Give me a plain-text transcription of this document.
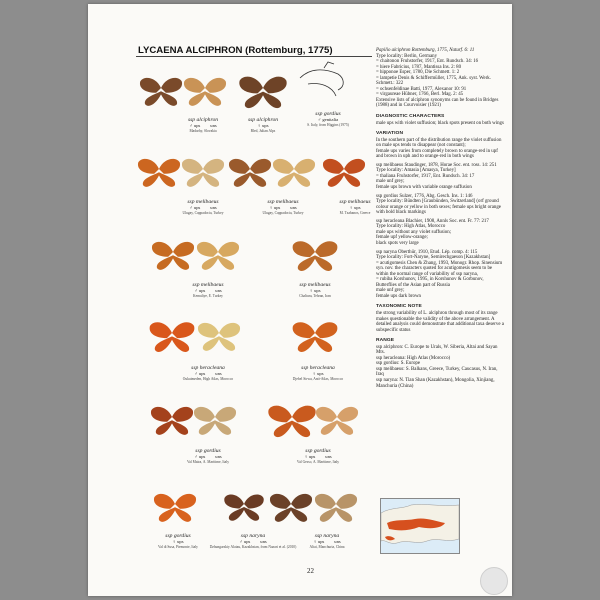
LYCAENA ALCIPHRON (Rottemburg, 1775)
ssp alciphron
♂ ups uns
Madarhy, Slovakia
ssp alciphron
♀ ups
Bled, Julian Alps
ssp gordius
♂ genitalia
S. Italy, from Higgins (1975)
ssp melibaeus
♂ ups uns
Ulugay, Cappadocia, Turkey
ssp melibaeus
♀ ups uns
Ulugay, Cappadocia, Turkey
ssp melibaeus
♀ ups
M. Tzabanos, Greece
ssp melibaeus
♂ ups uns
Kemaliye, E. Turkey
ssp melibaeus
♀ ups
Chaltura, Tehran, Iran
ssp heracleana
♂ ups uns
Oukaimeden, High Atlas, Morocco
ssp heracleana
♀ ups
Djebel Sirwa, Anti-Atlas, Morocco
ssp gordius
♂ ups uns
Val Maira, A. Maritime, Italy
ssp gordius
♀ ups uns
Val Gesso, A. Maritime, Italy
ssp gordius
♀ ups
Val di Susa, Piemonte, Italy
ssp naryna
♂ ups uns
Dzhungarskiy Alatau, Kazakhstan, from Nazari et al. (2010)
ssp naryna
♀ ups uns
Altai, Manchuria, China

Papilio alciphron Rottemburg, 1775, Naturf. 6: 11
Type locality: Berlin, Germany
= chaitonon Fruhstorfer, 1917, Ent. Rundsch. 34: 16
= hiere Fabricius, 1787, Mantissa Ins. 2: 80
= hipponoe Esper, 1780, Die Schmett. 1: 2
= lampetie Denis & Schiffermüller, 1775, Ank. syst. Werk. Schmett.: 322
= ochsenfeldinae Batti, 1977, Alexanor 10: 91
= virgaureae Hübner, 1766, Berl. Mag. 2: 45
Extensive lists of alciphron synonyms can be found in Bridges (1988) and in Courvoisier (1921)

DIAGNOSTIC CHARACTERS

male ups with violet suffusion; black spots present on both wings

VARIATION

In the southern part of the distribution range the violet suffusion on male ups tends to disappear (not constant);
female ups varies from completely brown to orange-red in upf and brown in uph and to orange-red in both wings

ssp melibaeus Staudinger, 1878, Horae Soc. ent. ross. 14: 251
Type locality: Amasia [Amasya, Turkey]
= thaliana Fruhstorfer, 1917, Ent. Rundsch. 34: 17
male unf grey;
female ups brown with variable orange suffusion

ssp gordius Sulzer, 1776, Abg. Gesch. Ins. 1: 146
Type locality: Bündten [Graubünden, Switzerland] (orf ground colour orange or yellow in both sexes; female ups bright orange with bold black markings

ssp heracleana Blachier, 1908, Annls Soc. ent. Fr. 77: 217
Type locality: High Atlas, Morocco
male ups without any violet suffusion;
female upf yellow-orange;
black spots very large

ssp naryna Oberthür, 1910, Etud. Lép. comp. 4: 115
Type locality: Fort-Naryne, Semirechgaeson [Kazakhstan]
= acutigomesis Chen & Zhang, 1993, Monogr. Rhop. Sinensium syn. nov. the characters quoted for acutigomesis seem to be within the normal range of variability of ssp naryna,
= rubiba Korshunov, 1995, in Korshunov & Gorbunov, Butterflies of the Asian part of Russia
male unf grey;
female ups dark brown

TAXONOMIC NOTE

the strong variability of L. alciphron through most of its range makes questionable the validity of the above arrangement. A detailed analysis could demonstrate that additional taxa deserve a subspecific status

RANGE

ssp alciphron: C. Europe to Urals, W. Siberia, Altai and Sayan Mts.
ssp heracleana: High Atlas (Morocco)
ssp gordius: S. Europe
ssp melibaeus: S. Balkans, Greece, Turkey, Caucasus, N. Iran, Iraq
ssp naryna: N. Tian Shan (Kazakhstan), Mongolia, Xinjiang, Manchuria (China)

22
